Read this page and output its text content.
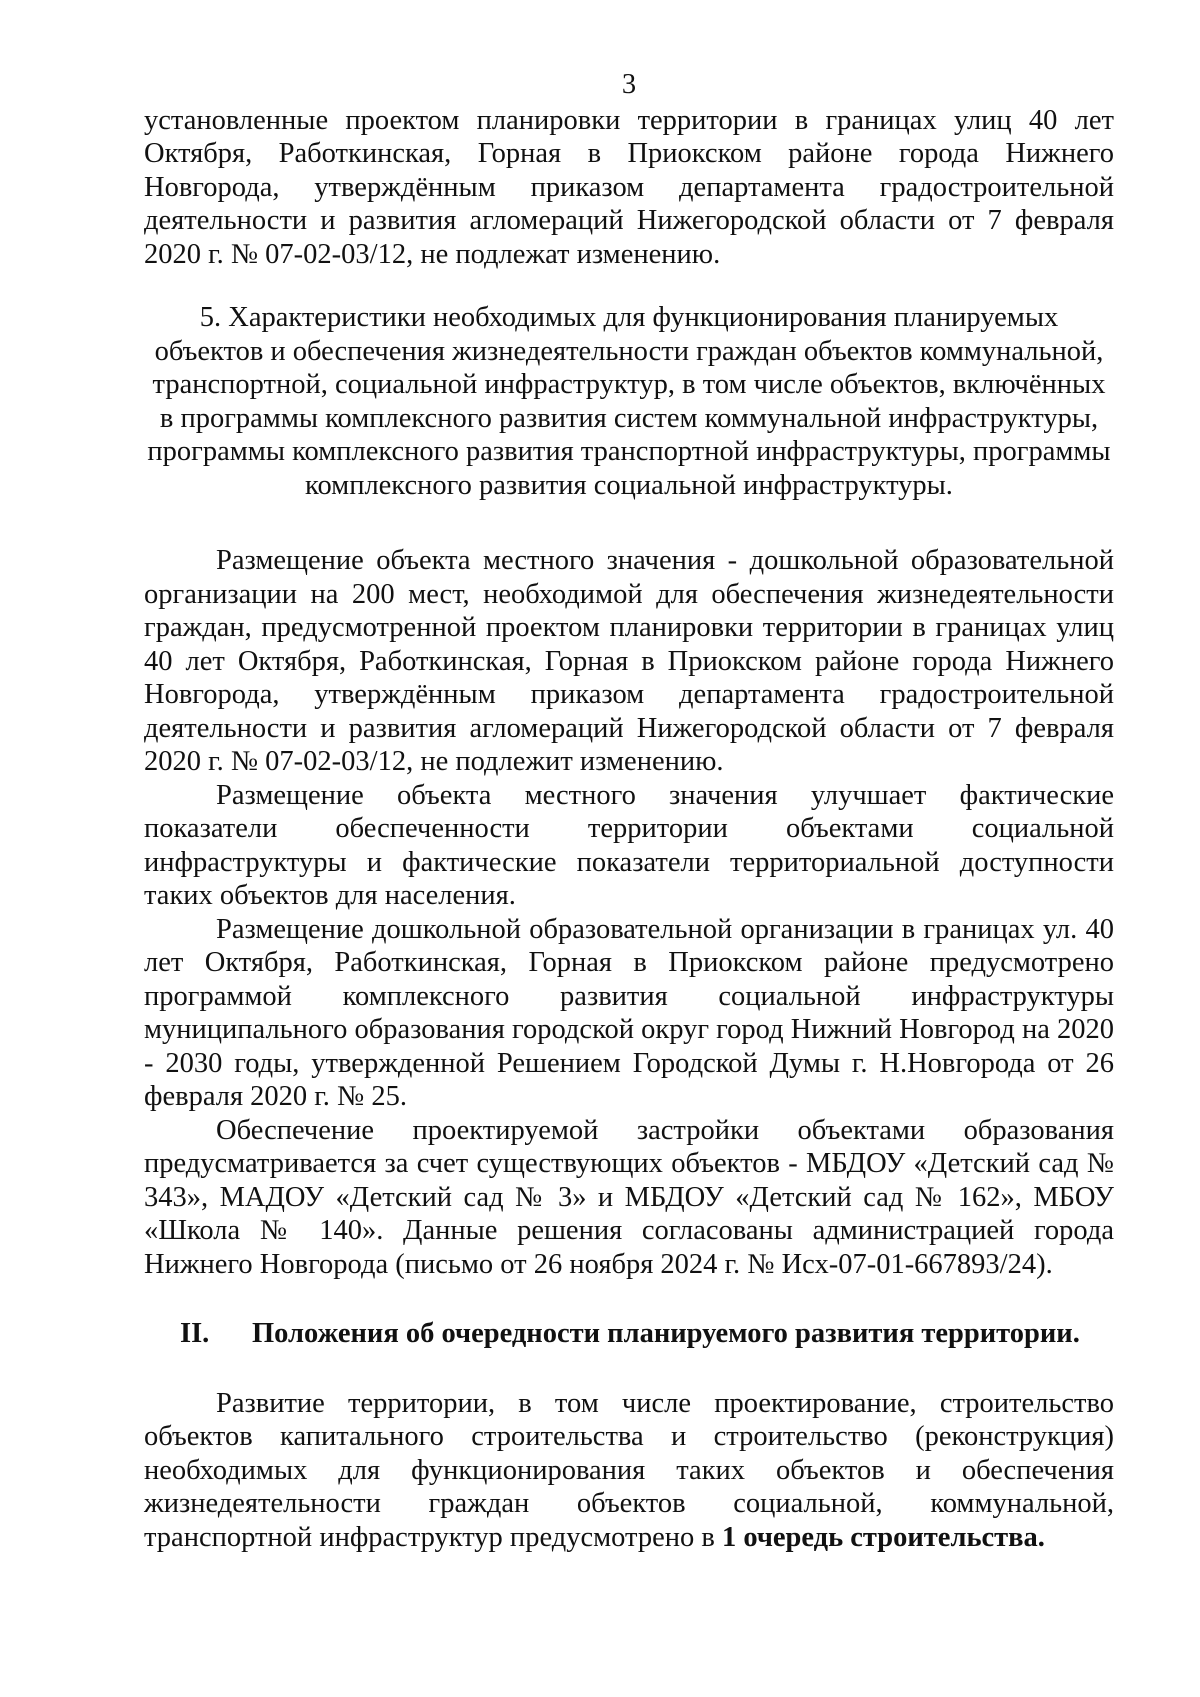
3

установленные проектом планировки территории в границах улиц 40 лет Октября, Работкинская, Горная в Приокском районе города Нижнего Новгорода, утверждённым приказом департамента градостроительной деятельности и развития агломераций Нижегородской области от 7 февраля 2020 г. № 07-02-03/12, не подлежат изменению.

5. Характеристики необходимых для функционирования планируемых объектов и обеспечения жизнедеятельности граждан объектов коммунальной, транспортной, социальной инфраструктур, в том числе объектов, включённых в программы комплексного развития систем коммунальной инфраструктуры, программы комплексного развития транспортной инфраструктуры, программы комплексного развития социальной инфраструктуры.

Размещение объекта местного значения - дошкольной образовательной организации на 200 мест, необходимой для обеспечения жизнедеятельности граждан, предусмотренной проектом планировки территории в границах улиц 40 лет Октября, Работкинская, Горная в Приокском районе города Нижнего Новгорода, утверждённым приказом департамента градостроительной деятельности и развития агломераций Нижегородской области от 7 февраля 2020 г. № 07-02-03/12, не подлежит изменению.

Размещение объекта местного значения улучшает фактические показатели обеспеченности территории объектами социальной инфраструктуры и фактические показатели территориальной доступности таких объектов для населения.

Размещение дошкольной образовательной организации в границах ул. 40 лет Октября, Работкинская, Горная в Приокском районе предусмотрено программой комплексного развития социальной инфраструктуры муниципального образования городской округ город Нижний Новгород на 2020 - 2030 годы, утвержденной Решением Городской Думы г. Н.Новгорода от 26 февраля 2020 г. № 25.

Обеспечение проектируемой застройки объектами образования предусматривается за счет существующих объектов - МБДОУ «Детский сад № 343», МАДОУ «Детский сад № 3» и МБДОУ «Детский сад № 162», МБОУ «Школа № 140». Данные решения согласованы администрацией города Нижнего Новгорода (письмо от 26 ноября 2024 г. № Исх-07-01-667893/24).

II.	Положения об очередности планируемого развития территории.

Развитие территории, в том числе проектирование, строительство объектов капитального строительства и строительство (реконструкция) необходимых для функционирования таких объектов и обеспечения жизнедеятельности граждан объектов социальной, коммунальной, транспортной инфраструктур предусмотрено в 1 очередь строительства.
